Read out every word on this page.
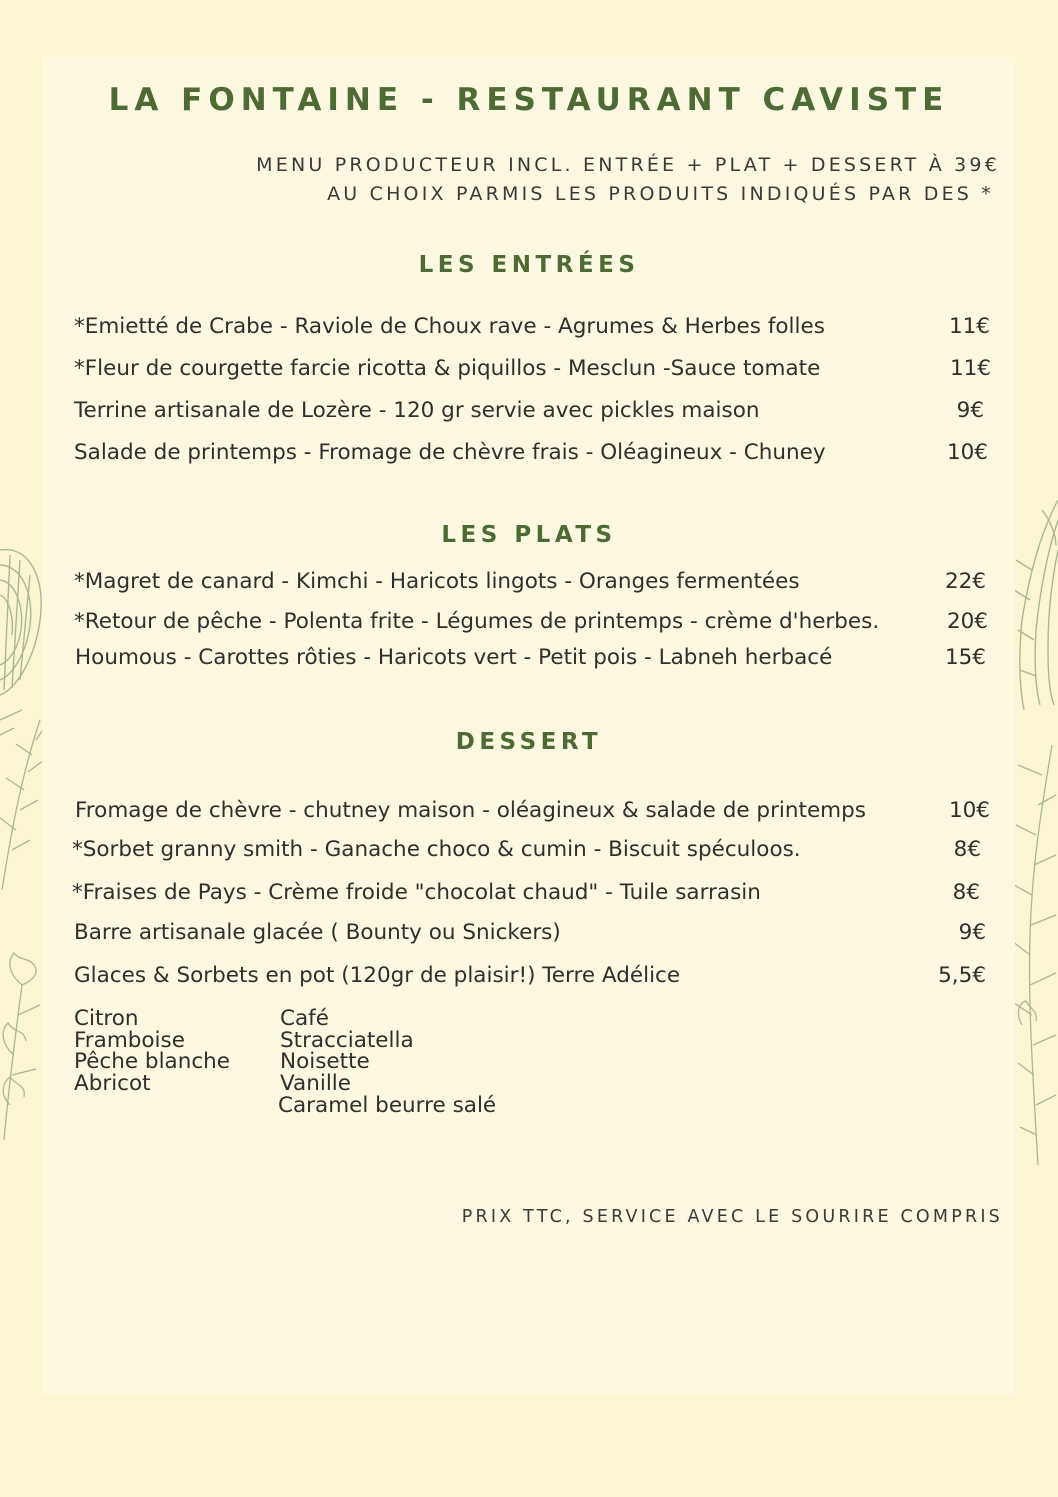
LA FONTAINE - RESTAURANT CAVISTE
MENU PRODUCTEUR INCL. ENTRÉE + PLAT + DESSERT À 39€
AU CHOIX PARMIS LES PRODUITS INDIQUÉS PAR DES *
LES ENTRÉES
*Emietté de Crabe - Raviole de Choux rave - Agrumes & Herbes folles	11€
*Fleur de courgette farcie ricotta & piquillos - Mesclun -Sauce tomate	11€
Terrine artisanale de Lozère - 120 gr servie avec pickles maison	9€
Salade de printemps - Fromage de chèvre frais - Oléagineux - Chuney	10€
LES PLATS
*Magret de canard - Kimchi - Haricots lingots - Oranges fermentées	22€
*Retour de pêche - Polenta frite - Légumes de printemps - crème d'herbes.	20€
Houmous - Carottes rôties - Haricots vert - Petit pois - Labneh herbacé	15€
DESSERT
Fromage de chèvre - chutney maison - oléagineux & salade de printemps	10€
*Sorbet granny smith - Ganache choco & cumin - Biscuit spéculoos.	8€
*Fraises de Pays - Crème froide "chocolat chaud" - Tuile sarrasin	8€
Barre artisanale glacée ( Bounty ou Snickers)	9€
Glaces & Sorbets en pot (120gr de plaisir!) Terre Adélice	5,5€
Citron
Framboise
Pêche blanche
Abricot
Café
Stracciatella
Noisette
Vanille
Caramel beurre salé
PRIX TTC, SERVICE AVEC LE SOURIRE COMPRIS
